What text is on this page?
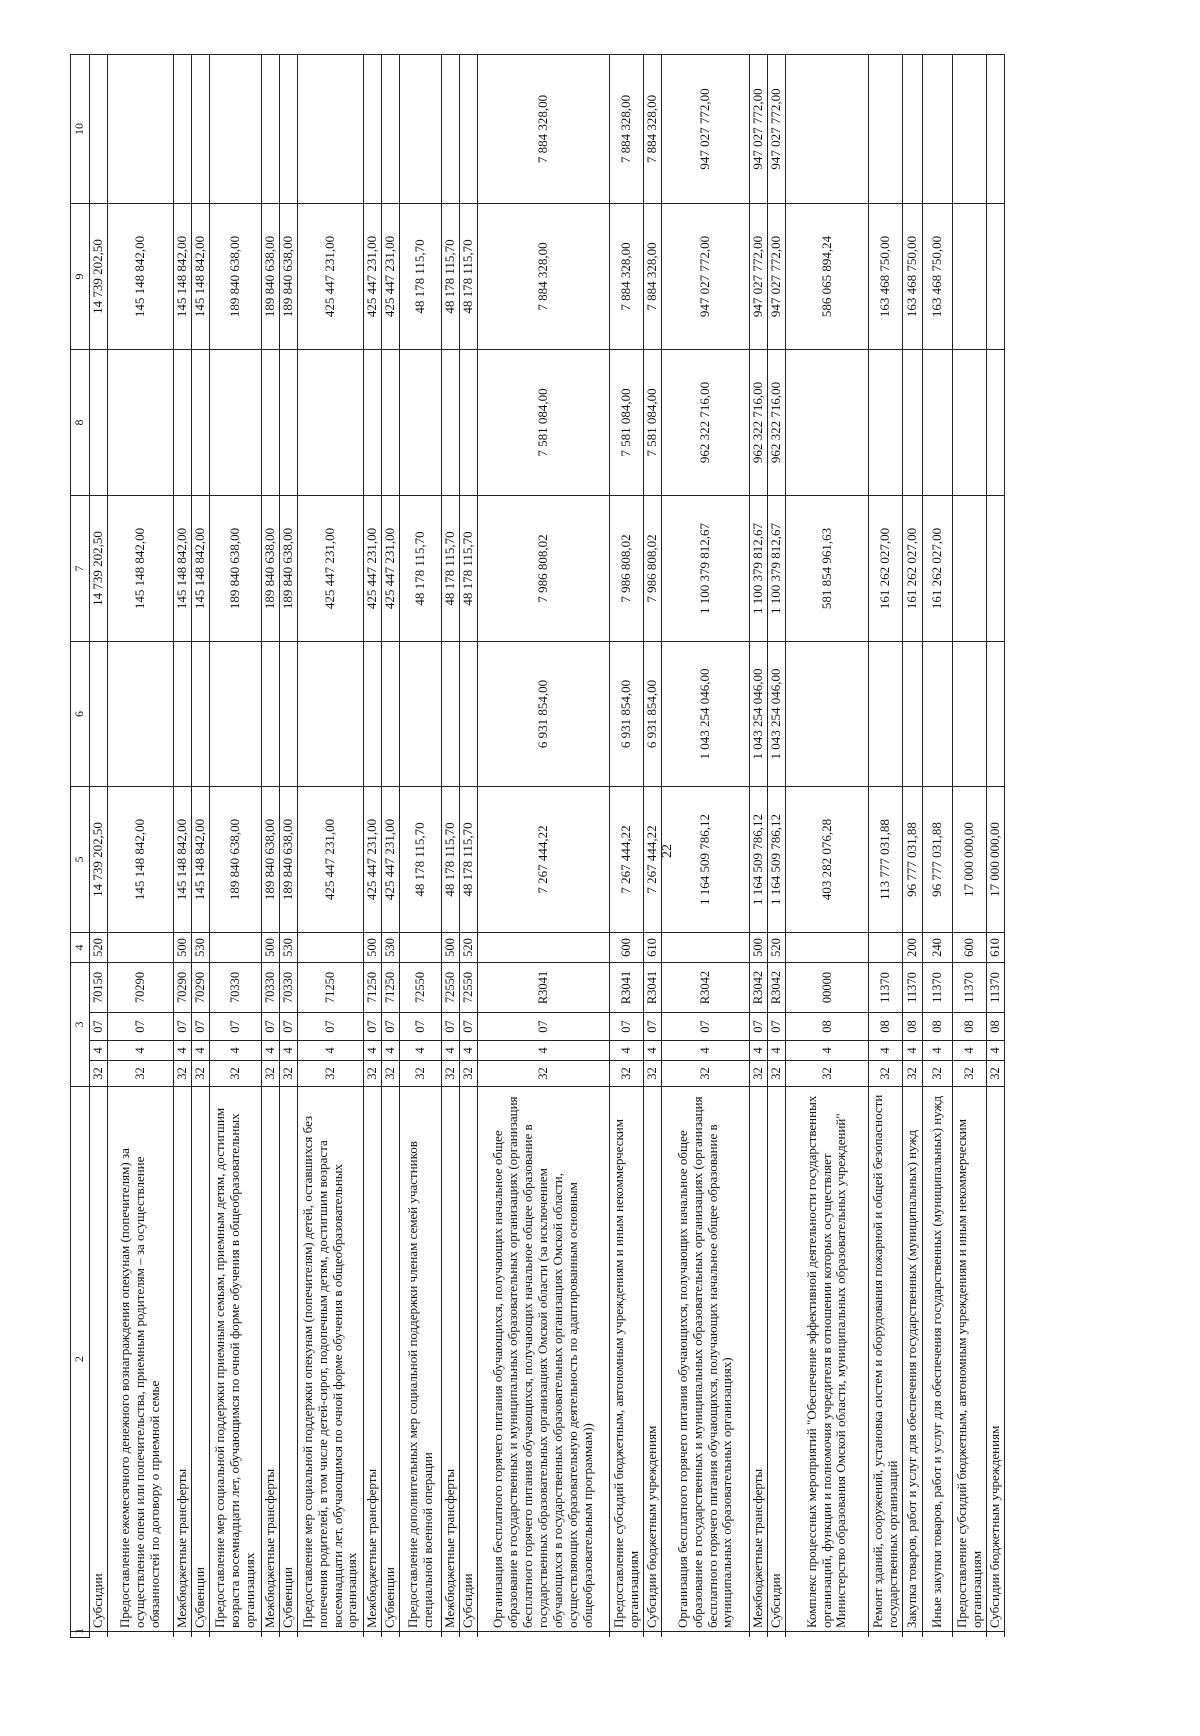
22
1	2	3				4	5	6	7	8	9	10
	Субсидии	32	4	07	70150	520	14 739 202,50		14 739 202,50		14 739 202,50	
	Предоставление ежемесячного денежного вознаграждения опекунам (попечителям) за осуществление опеки или попечительства, приемным родителям – за осуществление обязанностей по договору о приемной семье	32	4	07	70290		145 148 842,00		145 148 842,00		145 148 842,00	
	Межбюджетные трансферты	32	4	07	70290	500	145 148 842,00		145 148 842,00		145 148 842,00	
	Субвенции	32	4	07	70290	530	145 148 842,00		145 148 842,00		145 148 842,00	
	Предоставление мер социальной поддержки приемным семьям, приемным детям, достигшим возраста восемнадцати лет, обучающимся по очной форме обучения в общеобразовательных организациях	32	4	07	70330		189 840 638,00		189 840 638,00		189 840 638,00	
	Межбюджетные трансферты	32	4	07	70330	500	189 840 638,00		189 840 638,00		189 840 638,00	
	Субвенции	32	4	07	70330	530	189 840 638,00		189 840 638,00		189 840 638,00	
	Предоставление мер социальной поддержки опекунам (попечителям) детей, оставшихся без попечения родителей, в том числе детей-сирот, подопечным детям, достигшим возраста восемнадцати лет, обучающимся по очной форме обучения в общеобразовательных организациях	32	4	07	71250		425 447 231,00		425 447 231,00		425 447 231,00	
	Межбюджетные трансферты	32	4	07	71250	500	425 447 231,00		425 447 231,00		425 447 231,00	
	Субвенции	32	4	07	71250	530	425 447 231,00		425 447 231,00		425 447 231,00	
	Предоставление дополнительных мер социальной поддержки членам семей участников специальной военной операции	32	4	07	72550		48 178 115,70		48 178 115,70		48 178 115,70	
	Межбюджетные трансферты	32	4	07	72550	500	48 178 115,70		48 178 115,70		48 178 115,70	
	Субсидии	32	4	07	72550	520	48 178 115,70		48 178 115,70		48 178 115,70	
	Организация бесплатного горячего питания обучающихся, получающих начальное общее образование в государственных и муниципальных образовательных организациях (организация бесплатного горячего питания обучающихся, получающих начальное общее образование в государственных образовательных организациях Омской области (за исключением обучающихся в государственных образовательных организациях Омской области, осуществляющих образовательную деятельность по адаптированным основным общеобразовательным программам))	32	4	07	R3041		7 267 444,22	6 931 854,00	7 986 808,02	7 581 084,00	7 884 328,00	7 884 328,00
	Предоставление субсидий бюджетным, автономным учреждениям и иным некоммерческим организациям	32	4	07	R3041	600	7 267 444,22	6 931 854,00	7 986 808,02	7 581 084,00	7 884 328,00	7 884 328,00
	Субсидии бюджетным учреждениям	32	4	07	R3041	610	7 267 444,22	6 931 854,00	7 986 808,02	7 581 084,00	7 884 328,00	7 884 328,00
	Организация бесплатного горячего питания обучающихся, получающих начальное общее образование в государственных и муниципальных образовательных организациях (организация бесплатного горячего питания обучающихся, получающих начальное общее образование в муниципальных образовательных организациях)	32	4	07	R3042		1 164 509 786,12	1 043 254 046,00	1 100 379 812,67	962 322 716,00	947 027 772,00	947 027 772,00
	Межбюджетные трансферты	32	4	07	R3042	500	1 164 509 786,12	1 043 254 046,00	1 100 379 812,67	962 322 716,00	947 027 772,00	947 027 772,00
	Субсидии	32	4	07	R3042	520	1 164 509 786,12	1 043 254 046,00	1 100 379 812,67	962 322 716,00	947 027 772,00	947 027 772,00
	Комплекс процессных мероприятий "Обеспечение эффективной деятельности государственных организаций, функции и полномочия учредителя в отношении которых осуществляет Министерство образования Омской области, муниципальных образовательных учреждений"	32	4	08	00000		403 282 076,28		581 854 961,63		586 065 894,24	
	Ремонт зданий, сооружений, установка систем и оборудования пожарной и общей безопасности государственных организаций	32	4	08	11370		113 777 031,88		161 262 027,00		163 468 750,00	
	Закупка товаров, работ и услуг для обеспечения государственных (муниципальных) нужд	32	4	08	11370	200	96 777 031,88		161 262 027,00		163 468 750,00	
	Иные закупки товаров, работ и услуг для обеспечения государственных (муниципальных) нужд	32	4	08	11370	240	96 777 031,88		161 262 027,00		163 468 750,00	
	Предоставление субсидий бюджетным, автономным учреждениям и иным некоммерческим организациям	32	4	08	11370	600	17 000 000,00					
	Субсидии бюджетным учреждениям	32	4	08	11370	610	17 000 000,00					
